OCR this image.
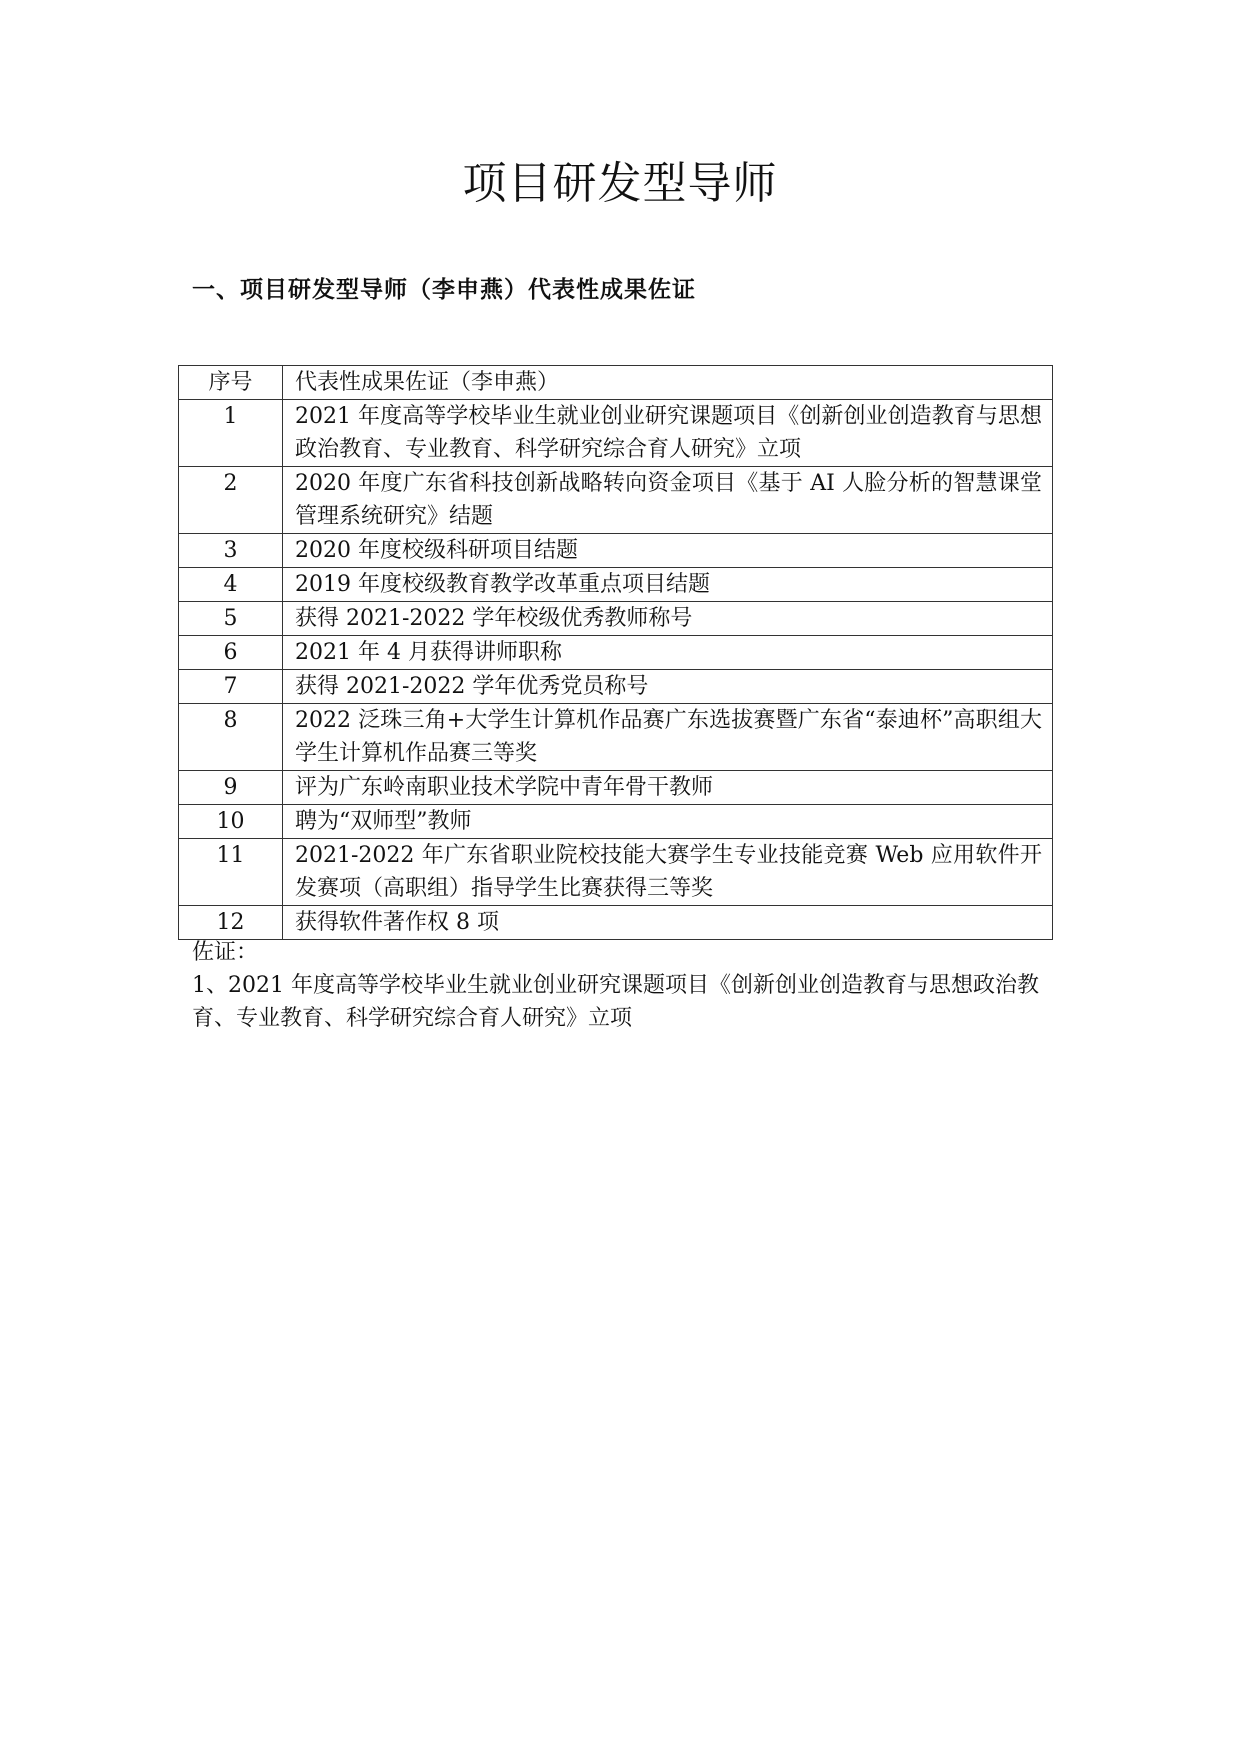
项目研发型导师
一、项目研发型导师（李申燕）代表性成果佐证
序号	代表性成果佐证（李申燕）
1	2021 年度高等学校毕业生就业创业研究课题项目《创新创业创造教育与思想政治教育、专业教育、科学研究综合育人研究》立项
2	2020 年度广东省科技创新战略转向资金项目《基于 AI 人脸分析的智慧课堂管理系统研究》结题
3	2020 年度校级科研项目结题
4	2019 年度校级教育教学改革重点项目结题
5	获得 2021-2022 学年校级优秀教师称号
6	2021 年 4 月获得讲师职称
7	获得 2021-2022 学年优秀党员称号
8	2022 泛珠三角+大学生计算机作品赛广东选拔赛暨广东省“泰迪杯”高职组大学生计算机作品赛三等奖
9	评为广东岭南职业技术学院中青年骨干教师
10	聘为“双师型”教师
11	2021-2022 年广东省职业院校技能大赛学生专业技能竞赛 Web 应用软件开发赛项（高职组）指导学生比赛获得三等奖
12	获得软件著作权 8 项

佐证：

1、2021 年度高等学校毕业生就业创业研究课题项目《创新创业创造教育与思想政治教育、专业教育、科学研究综合育人研究》立项
